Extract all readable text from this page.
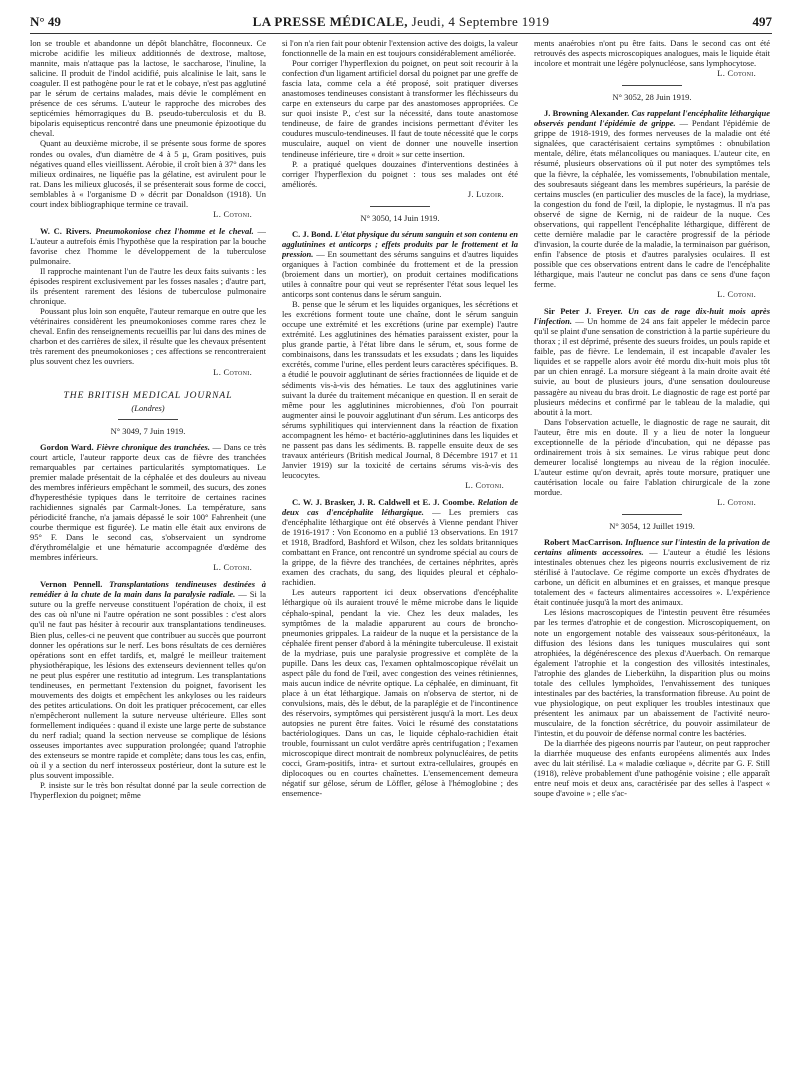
N° 49	LA PRESSE MÉDICALE, Jeudi, 4 Septembre 1919	497

lon se trouble et abandonne un dépôt blanchâtre, floconneux. Ce microbe acidifie les milieux additionnés de dextrose, maltose, mannite, mais n'attaque pas la lactose, le saccharose, l'inuline, la salicine. Il produit de l'indol acidifié, puis alcalinise le lait, sans le coaguler. Il est pathogène pour le rat et le cobaye, n'est pas agglutiné par le sérum de certains malades, mais dévie le complément en présence de ces sérums. L'auteur le rapproche des microbes des septicémies hémorragiques du B. pseudo-tuberculosis et du B. bipolaris equisepticus rencontré dans une pneumonie épizootique du cheval.

Quant au deuxième microbe, il se présente sous forme de spores rondes ou ovales, d'un diamètre de 4 à 5 µ, Gram positives, puis négatives quand elles vieillissent. Aérobie, il croît bien à 37° dans les milieux ordinaires, ne liquéfie pas la gélatine, est avirulent pour le rat. Dans les milieux glucosés, il se présenterait sous forme de cocci, semblables à « l'organisme D » décrit par Donaldson (1918). Un court index bibliographique termine ce travail.

L. Cotoni.

W. C. Rivers. Pneumokoniose chez l'homme et le cheval. — L'auteur a autrefois émis l'hypothèse que la respiration par la bouche favorise chez l'homme le développement de la tuberculose pulmonaire.

Il rapproche maintenant l'un de l'autre les deux faits suivants : les épisodes respirent exclusivement par les fosses nasales ; d'autre part, ils présentent rarement des lésions de tuberculose pulmonaire chronique.

Poussant plus loin son enquête, l'auteur remarque en outre que les vétérinaires considèrent les pneumokonioses comme rares chez le cheval. Enfin des renseignements recueillis par lui dans des mines de charbon et des carrières de silex, il résulte que les chevaux présentent très rarement des pneumokonioses ; ces affections se rencontreraient plus souvent chez les ouvriers.

L. Cotoni.

THE BRITISH MEDICAL JOURNAL

(Londres)

N° 3049, 7 Juin 1919.

Gordon Ward. Fièvre chronique des tranchées. — Dans ce très court article, l'auteur rapporte deux cas de fièvre des tranchées remarquables par certaines particularités symptomatiques. Le premier malade présentait de la céphalée et des douleurs au niveau des membres inférieurs empêchant le sommeil, des sucurs, des zones d'hyperesthésie typiques dans le territoire de certaines racines rachidiennes signalés par Carmalt-Jones. La température, sans périodicité franche, n'a jamais dépassé le soir 100° Fahrenheit (une courbe thermique est figurée). Le matin elle était aux environs de 95° F. Dans le second cas, s'observaient un syndrome d'érythromélalgie et une hématurie accompagnée d'œdème des membres inférieurs.

L. Cotoni.

Vernon Pennell. Transplantations tendineuses destinées à remédier à la chute de la main dans la paralysie radiale. — Si la suture ou la greffe nerveuse constituent l'opération de choix, il est des cas où nl'une ni l'autre opération ne sont possibles : c'est alors qu'il ne faut pas hésiter à recourir aux transplantations tendineuses. Bien plus, celles-ci ne peuvent que contribuer au succès que pourront donner les opérations sur le nerf. Les bons résultats de ces dernières opérations sont en effet tardifs, et, malgré le meilleur traitement physiothérapique, les lésions des extenseurs deviennent telles qu'on ne peut plus espérer une restitutio ad integrum. Les transplantations tendineuses, en permettant l'extension du poignet, favorisent les mouvements des doigts et empêchent les ankyloses ou les raideurs des petites articulations. On doit les pratiquer précocement, car elles n'empêcheront nullement la suture nerveuse ultérieure. Elles sont formellement indiquées : quand il existe une large perte de substance du nerf radial; quand la section nerveuse se complique de lésions osseuses importantes avec suppuration prolongée; quand l'atrophie des extenseurs se montre rapide et complète; dans tous les cas, enfin, où il y a section du nerf interosseux postérieur, dont la suture est le plus souvent impossible.

P. insiste sur le très bon résultat donné par la seule correction de l'hyperflexion du poignet; même

si l'on n'a rien fait pour obtenir l'extension active des doigts, la valeur fonctionnelle de la main en est toujours considérablement améliorée.

Pour corriger l'hyperflexion du poignet, on peut soit recourir à la confection d'un ligament artificiel dorsal du poignet par une greffe de fascia lata, comme cela a été proposé, soit pratiquer diverses anastomoses tendineuses consistant à transformer les fléchisseurs du carpe en extenseurs du carpe par des anastomoses appropriées. Ce sur quoi insiste P., c'est sur la nécessité, dans toute anastomose tendineuse, de faire de grandes incisions permettant d'éviter les coudures musculo-tendineuses. Il faut de toute nécessité que le corps musculaire, auquel on vient de donner une nouvelle insertion tendineuse inférieure, tire « droit » sur cette insertion.

P. a pratiqué quelques douzaines d'interventions destinées à corriger l'hyperflexion du poignet : tous ses malades ont été améliorés.

J. Luzoir.

N° 3050, 14 Juin 1919.

C. J. Bond. L'état physique du sérum sanguin et son contenu en agglutinines et anticorps ; effets produits par le frottement et la pression. — En soumettant des sérums sanguins et d'autres liquides organiques à l'action combinée du frottement et de la pression (broiement dans un mortier), on produit certaines modifications utiles à connaître pour qui veut se représenter l'état sous lequel les anticorps sont contenus dans le sérum sanguin.

B. pense que le sérum et les liquides organiques, les sécrétions et les excrétions forment toute une chaîne, dont le sérum sanguin occupe une extrémité et les excrétions (urine par exemple) l'autre extrémité. Les agglutinines des hématies paraissent exister, pour la plus grande partie, à l'état libre dans le sérum, et, sous forme de combinaisons, dans les transsudats et les exsudats ; dans les liquides excrétés, comme l'urine, elles perdent leurs caractères spécifiques. B. a étudié le pouvoir agglutinant de séries fractionnées de liquide et de sédiments vis-à-vis des hématies. Le taux des agglutinines varie suivant la durée du traitement mécanique en question. Il en serait de même pour les agglutinines microbiennes, d'où l'on pourrait augmenter ainsi le pouvoir agglutinant d'un sérum. Les anticorps des sérums syphilitiques qui interviennent dans la réaction de fixation accompagnent les hémo- et bactério-agglutinines dans les liquides et ne passent pas dans les sédiments. B. rappelle ensuite deux de ses travaux antérieurs (British medical Journal, 8 Décembre 1917 et 11 Janvier 1919) sur la toxicité de certains sérums vis-à-vis des leucocytes.

L. Cotoni.

C. W. J. Brasker, J. R. Caldwell et E. J. Coombe. Relation de deux cas d'encéphalite léthargique. — Les premiers cas d'encéphalite léthargique ont été observés à Vienne pendant l'hiver de 1916-1917 : Von Economo en a publié 13 observations. En 1917 et 1918, Bradford, Bashford et Wilson, chez les soldats britanniques combattant en France, ont rencontré un syndrome spécial au cours de la grippe, de la fièvre des tranchées, de certaines néphrites, après examen des crachats, du sang, des liquides pleural et céphalo-rachidien.

Les auteurs rapportent ici deux observations d'encéphalite léthargique où ils auraient trouvé le même microbe dans le liquide céphalo-spinal, pendant la vie. Chez les deux malades, les symptômes de la maladie apparurent au cours de broncho-pneumonies grippales. La raideur de la nuque et la persistance de la céphalée firent penser d'abord à la méningite tuberculeuse. Il existait de la mydriase, puis une paralysie progressive et complète de la pupille. Dans les deux cas, l'examen ophtalmoscopique révélait un aspect pâle du fond de l'œil, avec congestion des veines rétiniennes, mais aucun indice de névrite optique. La céphalée, en diminuant, fit place à un état léthargique. Jamais on n'observa de stertor, ni de convulsions, mais, dès le début, de la paraplégie et de l'incontinence des réservoirs, symptômes qui persistèrent jusqu'à la mort. Les deux autopsies ne purent être faites. Voici le résumé des constatations bactériologiques. Dans un cas, le liquide céphalo-rachidien était trouble, fournissant un culot verdâtre après centrifugation ; l'examen microscopique direct montrait de nombreux polynucléaires, de petits cocci, Gram-positifs, intra- et surtout extra-cellulaires, groupés en diplocoques ou en courtes chaînettes. L'ensemencement demeura négatif sur gélose, sérum de Löffler, gélose à l'hémoglobine ; des ensemence-

ments anaérobies n'ont pu être faits. Dans le second cas ont été retrouvés des aspects microscopiques analogues, mais le liquide était incolore et montrait une légère polynucléose, sans lymphocytose.

L. Cotoni.

N° 3052, 28 Juin 1919.

J. Browning Alexander. Cas rappelant l'encéphalite léthargique observés pendant l'épidémie de grippe. — Pendant l'épidémie de grippe de 1918-1919, des formes nerveuses de la maladie ont été signalées, que caractérisaient certains symptômes : obnubilation mentale, délire, états mélancoliques ou maniaques. L'auteur cite, en résumé, plusieurs observations où il put noter des symptômes tels que la fièvre, la céphalée, les vomissements, l'obnubilation mentale, des soubresauts siégeant dans les membres supérieurs, la parésie de certains muscles (en particulier des muscles de la face), la mydriase, la congestion du fond de l'œil, la diplopie, le nystagmus. Il n'a pas observé de signe de Kernig, ni de raideur de la nuque. Ces observations, qui rappellent l'encéphalite léthargique, diffèrent de cette dernière maladie par le caractère progressif de la période d'invasion, la courte durée de la maladie, la terminaison par guérison, enfin l'absence de ptosis et d'autres paralysies oculaires. Il est possible que ces observations entrent dans le cadre de l'encéphalite léthargique, mais l'auteur ne conclut pas dans ce sens d'une façon ferme.

L. Cotoni.

Sir Peter J. Freyer. Un cas de rage dix-huit mois après l'infection. — Un homme de 24 ans fait appeler le médecin parce qu'il se plaint d'une sensation de constriction à la partie supérieure du thorax ; il est déprimé, présente des sueurs froides, un pouls rapide et faible, pas de fièvre. Le lendemain, il est incapable d'avaler les liquides et se rappelle alors avoir été mordu dix-huit mois plus tôt par un chien enragé. La morsure siégeant à la main droite avait été suivie, au bout de plusieurs jours, d'une sensation douloureuse passagère au niveau du bras droit. Le diagnostic de rage est porté par plusieurs médecins et confirmé par le tableau de la maladie, qui aboutit à la mort.

Dans l'observation actuelle, le diagnostic de rage ne saurait, dit l'auteur, être mis en doute. Il y a lieu de noter la longueur exceptionnelle de la période d'incubation, qui ne dépasse pas ordinairement trois à six semaines. Le virus rabique peut donc demeurer localisé longtemps au niveau de la région inoculée. L'auteur estime qu'on devrait, après toute morsure, pratiquer une cautérisation locale ou faire l'ablation chirurgicale de la zone mordue.

L. Cotoni.

N° 3054, 12 Juillet 1919.

Robert MacCarrison. Influence sur l'intestin de la privation de certains aliments accessoires. — L'auteur a étudié les lésions intestinales obtenues chez les pigeons nourris exclusivement de riz stérilisé à l'autoclave. Ce régime comporte un excès d'hydrates de carbone, un déficit en albumines et en graisses, et manque presque totalement des « facteurs alimentaires accessoires ». L'expérience était continuée jusqu'à la mort des animaux.

Les lésions macroscopiques de l'intestin peuvent être résumées par les termes d'atrophie et de congestion. Microscopiquement, on note un engorgement notable des vaisseaux sous-péritonéaux, la diffusion des lésions dans les tuniques musculaires qui sont atrophiées, la dégénérescence des plexus d'Auerbach. On remarque également l'atrophie et la congestion des villosités intestinales, l'atrophie des glandes de Lieberkühn, la disparition plus ou moins totale des cellules lymphoïdes, l'envahissement des tuniques intestinales par des bactéries, la transformation fibreuse. Au point de vue physiologique, on peut expliquer les troubles intestinaux que présentent les animaux par un abaissement de l'activité neuro-musculaire, de la fonction sécrétrice, du pouvoir assimilateur de l'intestin, et du pouvoir de défense normal contre les bactéries.

De la diarrhée des pigeons nourris par l'auteur, on peut rapprocher la diarrhée muqueuse des enfants européens alimentés aux Indes avec du lait stérilisé. La « maladie cœliaque », décrite par G. F. Still (1918), relève probablement d'une pathogénie voisine ; elle apparaît entre neuf mois et deux ans, caractérisée par des selles à l'aspect « soupe d'avoine » ; elle s'ac-
